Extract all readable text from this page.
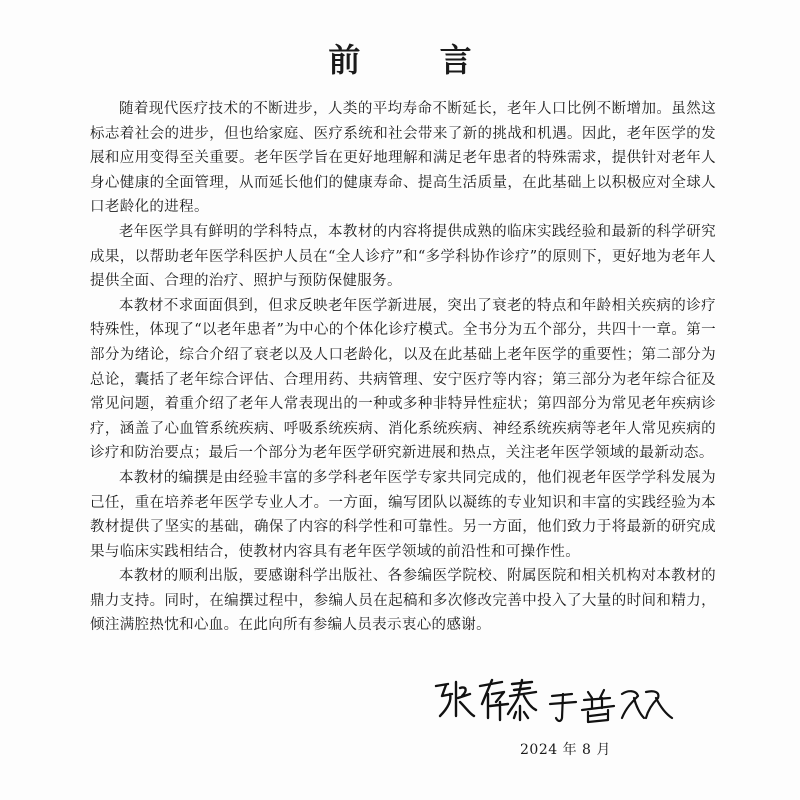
前 言

随着现代医疗技术的不断进步，人类的平均寿命不断延长，老年人口比例不断增加。虽然这标志着社会的进步，但也给家庭、医疗系统和社会带来了新的挑战和机遇。因此，老年医学的发展和应用变得至关重要。老年医学旨在更好地理解和满足老年患者的特殊需求，提供针对老年人身心健康的全面管理，从而延长他们的健康寿命、提高生活质量，在此基础上以积极应对全球人口老龄化的进程。

老年医学具有鲜明的学科特点，本教材的内容将提供成熟的临床实践经验和最新的科学研究成果，以帮助老年医学科医护人员在“全人诊疗”和“多学科协作诊疗”的原则下，更好地为老年人提供全面、合理的治疗、照护与预防保健服务。

本教材不求面面俱到，但求反映老年医学新进展，突出了衰老的特点和年龄相关疾病的诊疗特殊性，体现了“以老年患者”为中心的个体化诊疗模式。全书分为五个部分，共四十一章。第一部分为绪论，综合介绍了衰老以及人口老龄化，以及在此基础上老年医学的重要性；第二部分为总论，囊括了老年综合评估、合理用药、共病管理、安宁医疗等内容；第三部分为老年综合征及常见问题，着重介绍了老年人常表现出的一种或多种非特异性症状；第四部分为常见老年疾病诊疗，涵盖了心血管系统疾病、呼吸系统疾病、消化系统疾病、神经系统疾病等老年人常见疾病的诊疗和防治要点；最后一个部分为老年医学研究新进展和热点，关注老年医学领域的最新动态。

本教材的编撰是由经验丰富的多学科老年医学专家共同完成的，他们视老年医学学科发展为己任，重在培养老年医学专业人才。一方面，编写团队以凝练的专业知识和丰富的实践经验为本教材提供了坚实的基础，确保了内容的科学性和可靠性。另一方面，他们致力于将最新的研究成果与临床实践相结合，使教材内容具有老年医学领域的前沿性和可操作性。

本教材的顺利出版，要感谢科学出版社、各参编医学院校、附属医院和相关机构对本教材的鼎力支持。同时，在编撰过程中，参编人员在起稿和多次修改完善中投入了大量的时间和精力，倾注满腔热忱和心血。在此向所有参编人员表示衷心的感谢。

2024 年 8 月
